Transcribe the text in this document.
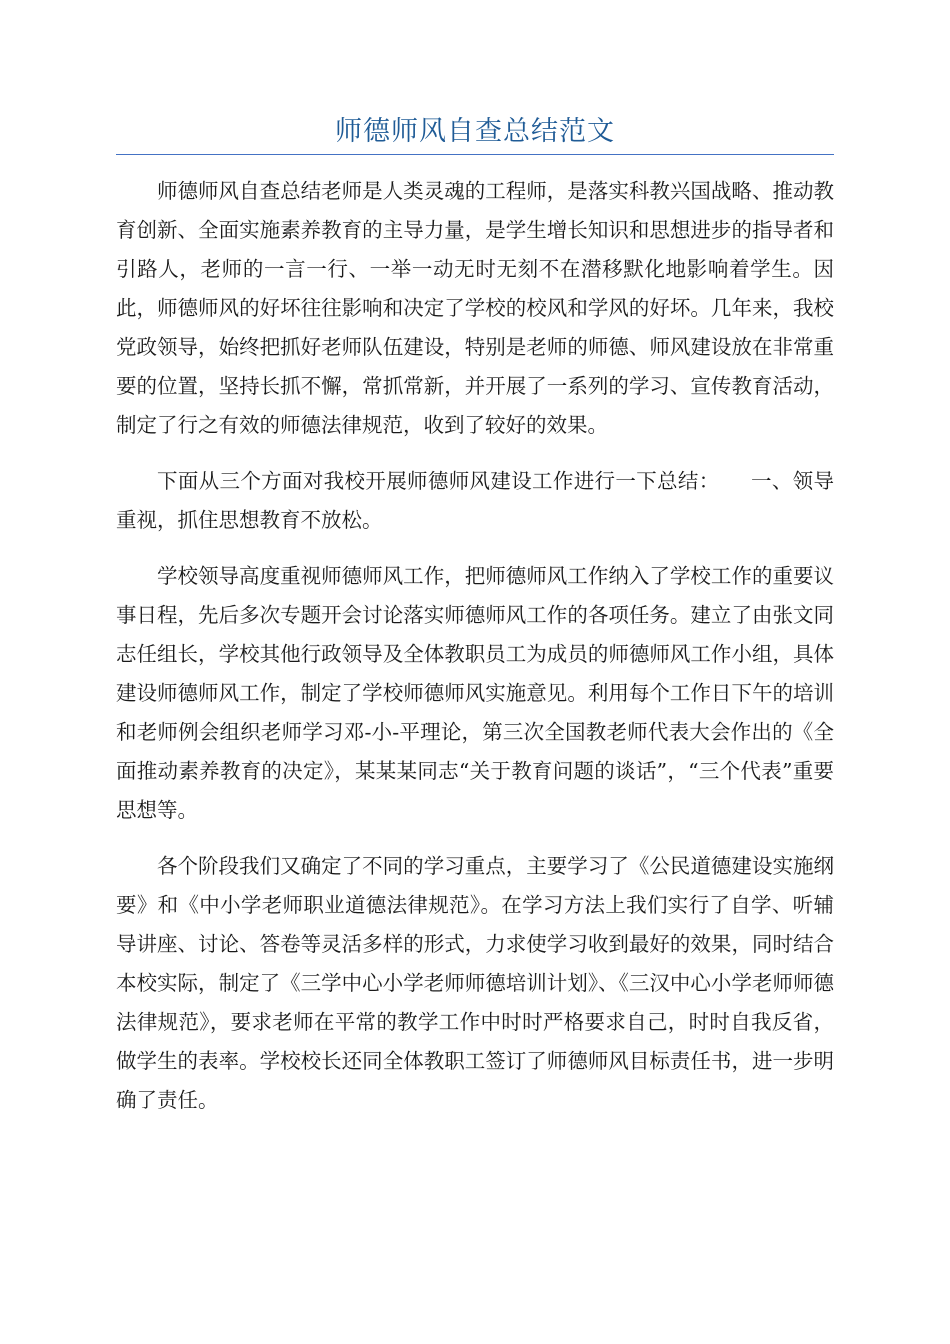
师德师风自查总结范文

师德师风自查总结老师是人类灵魂的工程师，是落实科教兴国战略、推动教育创新、全面实施素养教育的主导力量，是学生增长知识和思想进步的指导者和引路人，老师的一言一行、一举一动无时无刻不在潜移默化地影响着学生。因此，师德师风的好坏往往影响和决定了学校的校风和学风的好坏。几年来，我校党政领导，始终把抓好老师队伍建设，特别是老师的师德、师风建设放在非常重要的位置，坚持长抓不懈，常抓常新，并开展了一系列的学习、宣传教育活动，制定了行之有效的师德法律规范，收到了较好的效果。

下面从三个方面对我校开展师德师风建设工作进行一下总结：　　一、领导重视，抓住思想教育不放松。

学校领导高度重视师德师风工作，把师德师风工作纳入了学校工作的重要议事日程，先后多次专题开会讨论落实师德师风工作的各项任务。建立了由张文同志任组长，学校其他行政领导及全体教职员工为成员的师德师风工作小组，具体建设师德师风工作，制定了学校师德师风实施意见。利用每个工作日下午的培训和老师例会组织老师学习邓-小-平理论，第三次全国教老师代表大会作出的《全面推动素养教育的决定》，某某某同志“关于教育问题的谈话”，“三个代表”重要思想等。

各个阶段我们又确定了不同的学习重点，主要学习了《公民道德建设实施纲要》和《中小学老师职业道德法律规范》。在学习方法上我们实行了自学、听辅导讲座、讨论、答卷等灵活多样的形式，力求使学习收到最好的效果，同时结合本校实际，制定了《三学中心小学老师师德培训计划》、《三汉中心小学老师师德法律规范》，要求老师在平常的教学工作中时时严格要求自己，时时自我反省，做学生的表率。学校校长还同全体教职工签订了师德师风目标责任书，进一步明确了责任。
